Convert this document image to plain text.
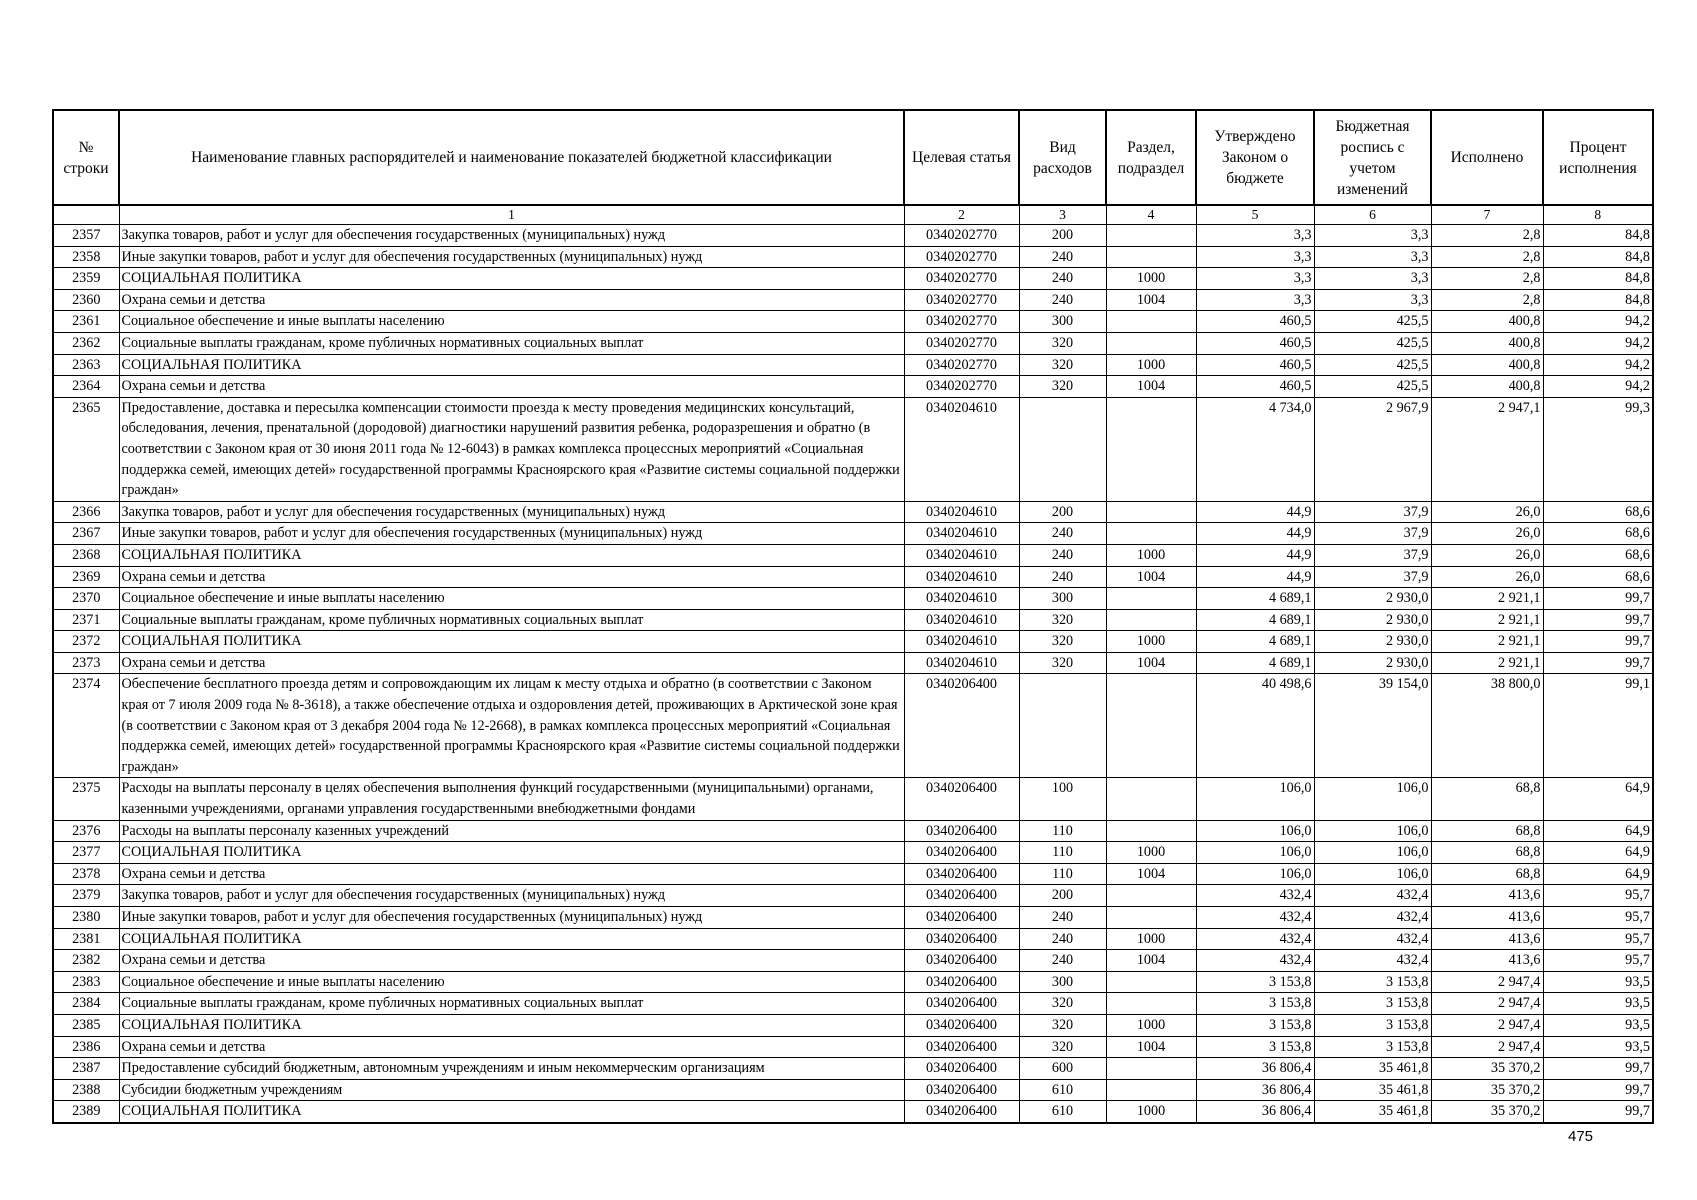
№ строки	Наименование главных распорядителей и наименование показателей бюджетной классификации	Целевая статья	Вид расходов	Раздел, подраздел	Утверждено Законом о бюджете	Бюджетная роспись с учетом изменений	Исполнено	Процент исполнения
	1	2	3	4	5	6	7	8
2357	Закупка товаров, работ и услуг для обеспечения государственных (муниципальных) нужд	0340202770	200		3,3	3,3	2,8	84,8
2358	Иные закупки товаров, работ и услуг для обеспечения государственных (муниципальных) нужд	0340202770	240		3,3	3,3	2,8	84,8
2359	СОЦИАЛЬНАЯ ПОЛИТИКА	0340202770	240	1000	3,3	3,3	2,8	84,8
2360	Охрана семьи и детства	0340202770	240	1004	3,3	3,3	2,8	84,8
2361	Социальное обеспечение и иные выплаты населению	0340202770	300		460,5	425,5	400,8	94,2
2362	Социальные выплаты гражданам, кроме публичных нормативных социальных выплат	0340202770	320		460,5	425,5	400,8	94,2
2363	СОЦИАЛЬНАЯ ПОЛИТИКА	0340202770	320	1000	460,5	425,5	400,8	94,2
2364	Охрана семьи и детства	0340202770	320	1004	460,5	425,5	400,8	94,2
2365	Предоставление, доставка и пересылка компенсации стоимости проезда к месту проведения медицинских консультаций, обследования, лечения, пренатальной (дородовой) диагностики нарушений развития ребенка, родоразрешения и обратно (в соответствии с Законом края от 30 июня 2011 года № 12-6043) в рамках комплекса процессных мероприятий «Социальная поддержка семей, имеющих детей» государственной программы Красноярского края «Развитие системы социальной поддержки граждан»	0340204610			4 734,0	2 967,9	2 947,1	99,3
2366	Закупка товаров, работ и услуг для обеспечения государственных (муниципальных) нужд	0340204610	200		44,9	37,9	26,0	68,6
2367	Иные закупки товаров, работ и услуг для обеспечения государственных (муниципальных) нужд	0340204610	240		44,9	37,9	26,0	68,6
2368	СОЦИАЛЬНАЯ ПОЛИТИКА	0340204610	240	1000	44,9	37,9	26,0	68,6
2369	Охрана семьи и детства	0340204610	240	1004	44,9	37,9	26,0	68,6
2370	Социальное обеспечение и иные выплаты населению	0340204610	300		4 689,1	2 930,0	2 921,1	99,7
2371	Социальные выплаты гражданам, кроме публичных нормативных социальных выплат	0340204610	320		4 689,1	2 930,0	2 921,1	99,7
2372	СОЦИАЛЬНАЯ ПОЛИТИКА	0340204610	320	1000	4 689,1	2 930,0	2 921,1	99,7
2373	Охрана семьи и детства	0340204610	320	1004	4 689,1	2 930,0	2 921,1	99,7
2374	Обеспечение бесплатного проезда детям и сопровождающим их лицам к месту отдыха и обратно (в соответствии с Законом края от 7 июля 2009 года № 8-3618), а также обеспечение отдыха и оздоровления детей, проживающих в Арктической зоне края (в соответствии с Законом края от 3 декабря 2004 года № 12-2668), в рамках комплекса процессных мероприятий «Социальная поддержка семей, имеющих детей» государственной программы Красноярского края «Развитие системы социальной поддержки граждан»	0340206400			40 498,6	39 154,0	38 800,0	99,1
2375	Расходы на выплаты персоналу в целях обеспечения выполнения функций государственными (муниципальными) органами, казенными учреждениями, органами управления государственными внебюджетными фондами	0340206400	100		106,0	106,0	68,8	64,9
2376	Расходы на выплаты персоналу казенных учреждений	0340206400	110		106,0	106,0	68,8	64,9
2377	СОЦИАЛЬНАЯ ПОЛИТИКА	0340206400	110	1000	106,0	106,0	68,8	64,9
2378	Охрана семьи и детства	0340206400	110	1004	106,0	106,0	68,8	64,9
2379	Закупка товаров, работ и услуг для обеспечения государственных (муниципальных) нужд	0340206400	200		432,4	432,4	413,6	95,7
2380	Иные закупки товаров, работ и услуг для обеспечения государственных (муниципальных) нужд	0340206400	240		432,4	432,4	413,6	95,7
2381	СОЦИАЛЬНАЯ ПОЛИТИКА	0340206400	240	1000	432,4	432,4	413,6	95,7
2382	Охрана семьи и детства	0340206400	240	1004	432,4	432,4	413,6	95,7
2383	Социальное обеспечение и иные выплаты населению	0340206400	300		3 153,8	3 153,8	2 947,4	93,5
2384	Социальные выплаты гражданам, кроме публичных нормативных социальных выплат	0340206400	320		3 153,8	3 153,8	2 947,4	93,5
2385	СОЦИАЛЬНАЯ ПОЛИТИКА	0340206400	320	1000	3 153,8	3 153,8	2 947,4	93,5
2386	Охрана семьи и детства	0340206400	320	1004	3 153,8	3 153,8	2 947,4	93,5
2387	Предоставление субсидий бюджетным, автономным учреждениям и иным некоммерческим организациям	0340206400	600		36 806,4	35 461,8	35 370,2	99,7
2388	Субсидии бюджетным учреждениям	0340206400	610		36 806,4	35 461,8	35 370,2	99,7
2389	СОЦИАЛЬНАЯ ПОЛИТИКА	0340206400	610	1000	36 806,4	35 461,8	35 370,2	99,7
475
